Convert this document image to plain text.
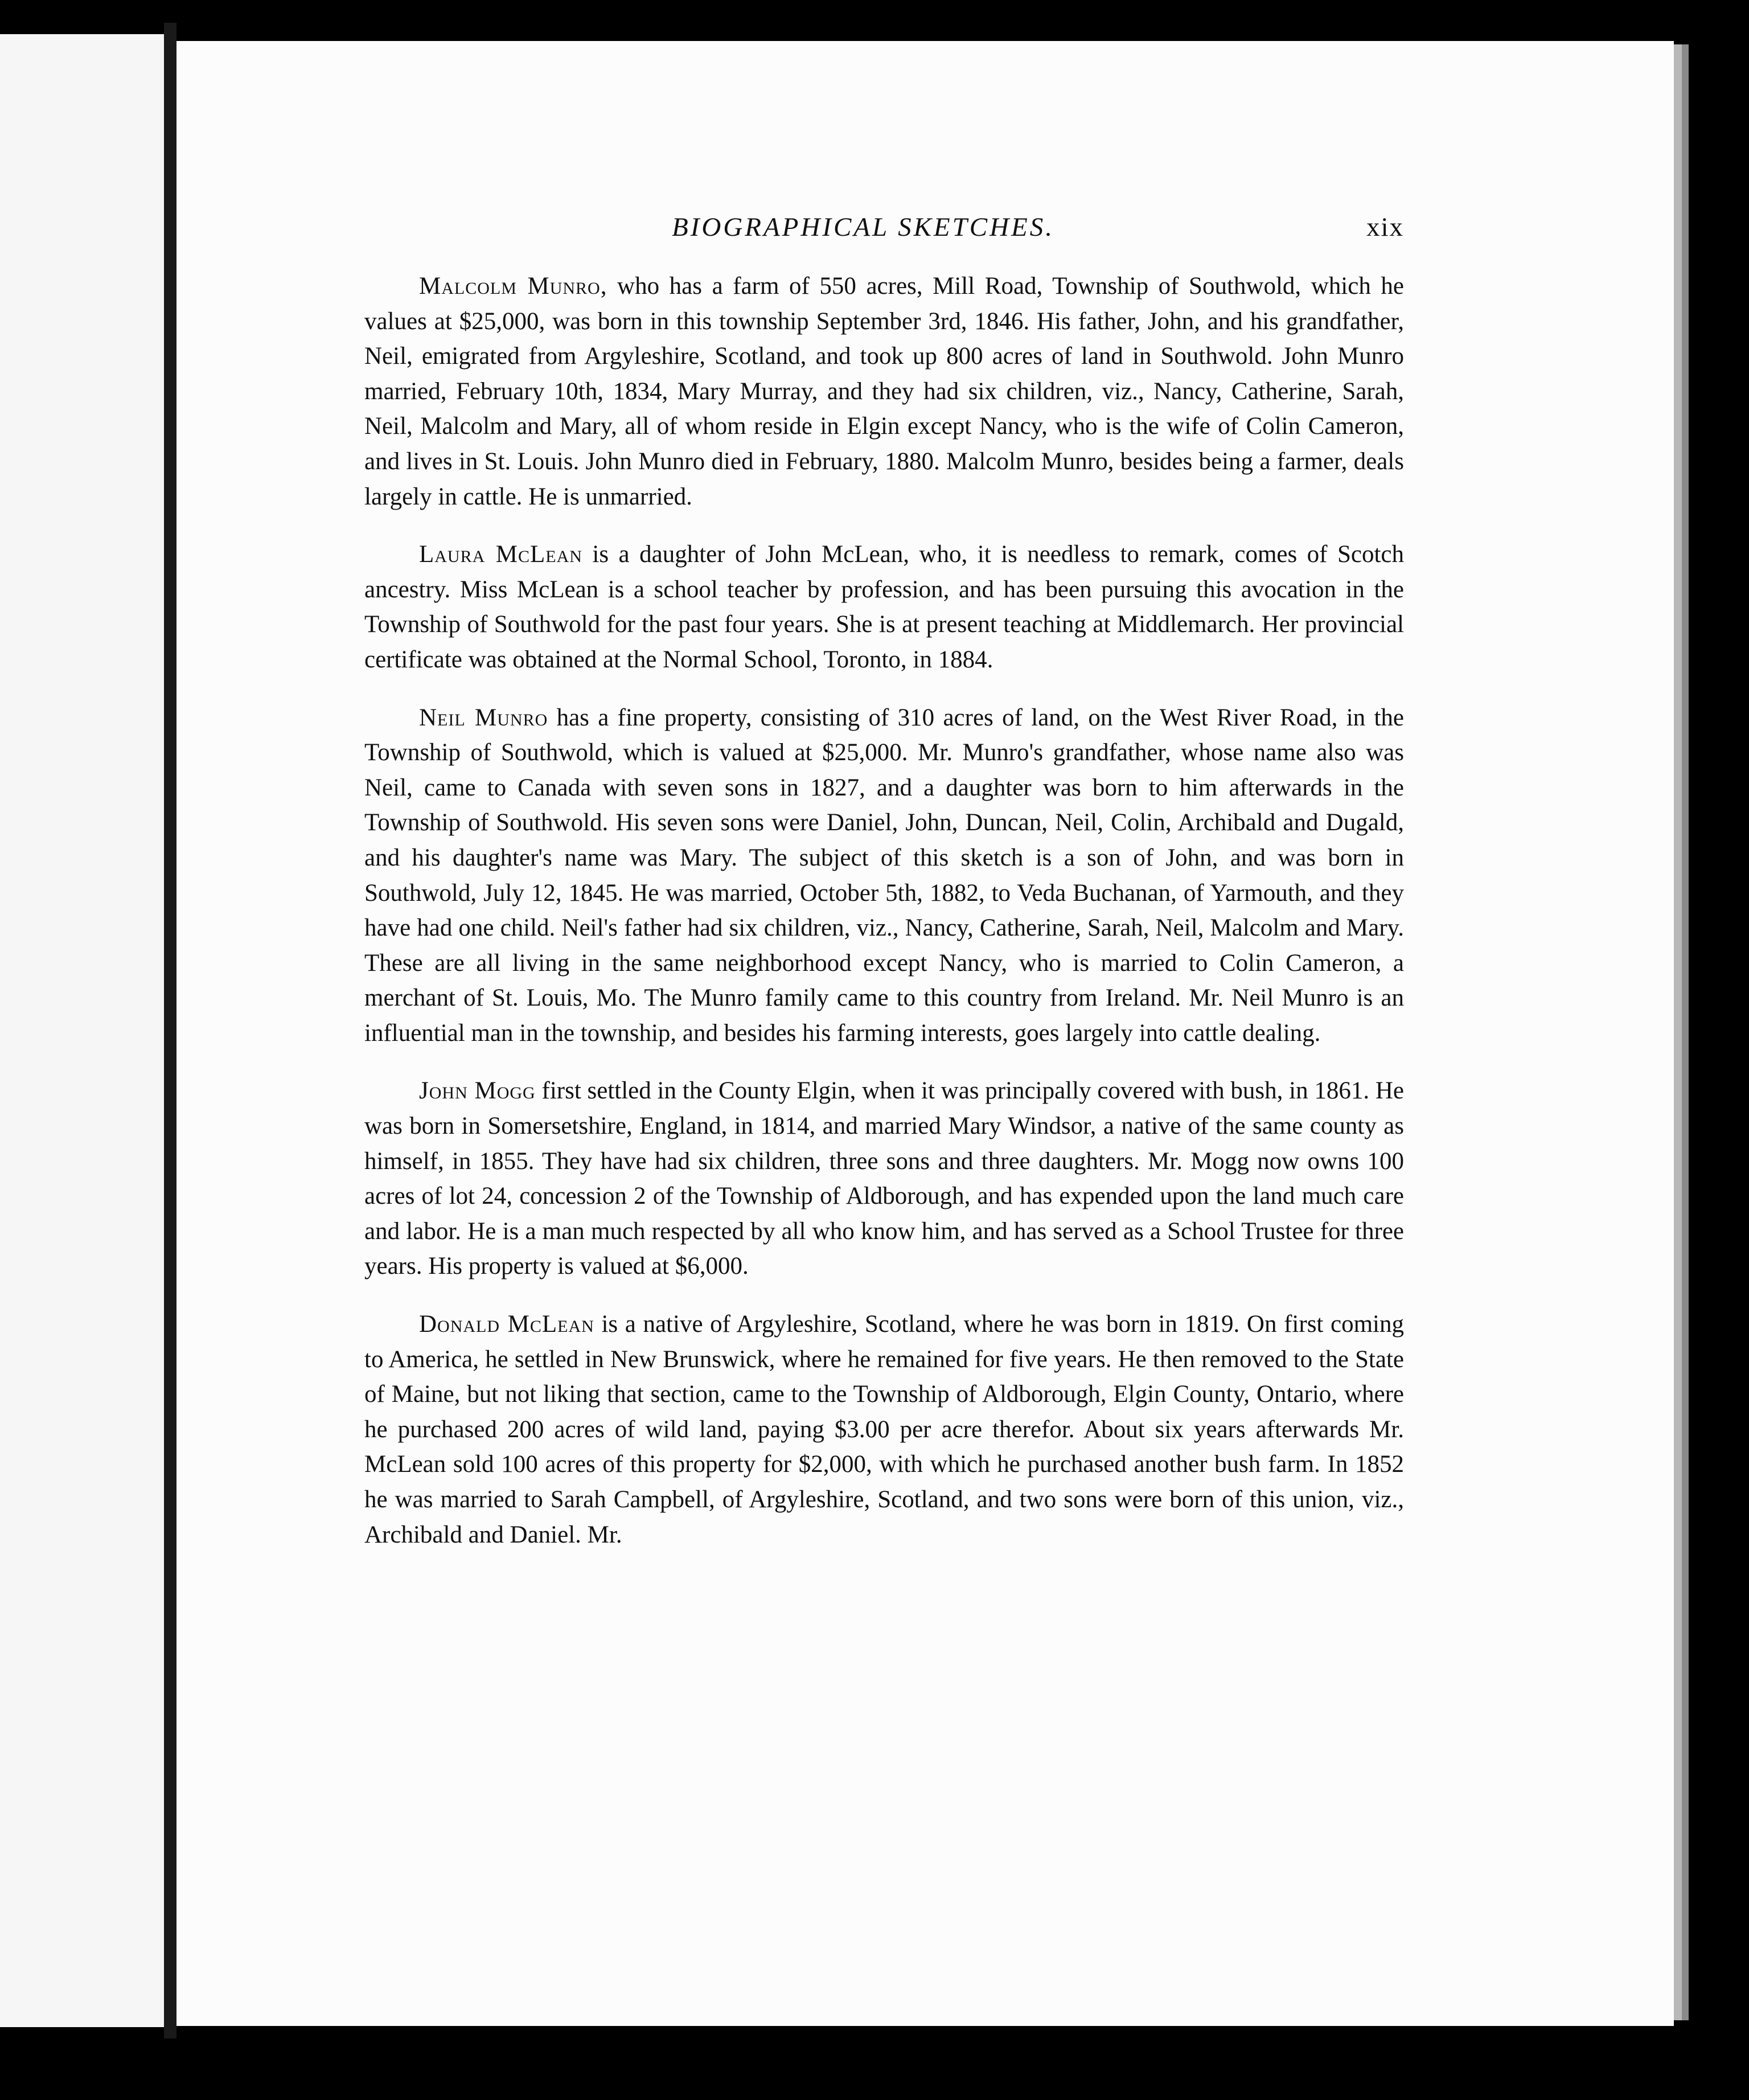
BIOGRAPHICAL SKETCHES.	xix

Malcolm Munro, who has a farm of 550 acres, Mill Road, Township of Southwold, which he values at $25,000, was born in this township September 3rd, 1846. His father, John, and his grandfather, Neil, emigrated from Argyleshire, Scotland, and took up 800 acres of land in Southwold. John Munro married, February 10th, 1834, Mary Murray, and they had six children, viz., Nancy, Catherine, Sarah, Neil, Malcolm and Mary, all of whom reside in Elgin except Nancy, who is the wife of Colin Cameron, and lives in St. Louis. John Munro died in February, 1880. Malcolm Munro, besides being a farmer, deals largely in cattle. He is unmarried.

Laura McLean is a daughter of John McLean, who, it is needless to remark, comes of Scotch ancestry. Miss McLean is a school teacher by profession, and has been pursuing this avocation in the Township of Southwold for the past four years. She is at present teaching at Middlemarch. Her provincial certificate was obtained at the Normal School, Toronto, in 1884.

Neil Munro has a fine property, consisting of 310 acres of land, on the West River Road, in the Township of Southwold, which is valued at $25,000. Mr. Munro's grandfather, whose name also was Neil, came to Canada with seven sons in 1827, and a daughter was born to him afterwards in the Township of Southwold. His seven sons were Daniel, John, Duncan, Neil, Colin, Archibald and Dugald, and his daughter's name was Mary. The subject of this sketch is a son of John, and was born in Southwold, July 12, 1845. He was married, October 5th, 1882, to Veda Buchanan, of Yarmouth, and they have had one child. Neil's father had six children, viz., Nancy, Catherine, Sarah, Neil, Malcolm and Mary. These are all living in the same neighborhood except Nancy, who is married to Colin Cameron, a merchant of St. Louis, Mo. The Munro family came to this country from Ireland. Mr. Neil Munro is an influential man in the township, and besides his farming interests, goes largely into cattle dealing.

John Mogg first settled in the County Elgin, when it was principally covered with bush, in 1861. He was born in Somersetshire, England, in 1814, and married Mary Windsor, a native of the same county as himself, in 1855. They have had six children, three sons and three daughters. Mr. Mogg now owns 100 acres of lot 24, concession 2 of the Township of Aldborough, and has expended upon the land much care and labor. He is a man much respected by all who know him, and has served as a School Trustee for three years. His property is valued at $6,000.

Donald McLean is a native of Argyleshire, Scotland, where he was born in 1819. On first coming to America, he settled in New Brunswick, where he remained for five years. He then removed to the State of Maine, but not liking that section, came to the Township of Aldborough, Elgin County, Ontario, where he purchased 200 acres of wild land, paying $3.00 per acre therefor. About six years afterwards Mr. McLean sold 100 acres of this property for $2,000, with which he purchased another bush farm. In 1852 he was married to Sarah Campbell, of Argyleshire, Scotland, and two sons were born of this union, viz., Archibald and Daniel. Mr.
